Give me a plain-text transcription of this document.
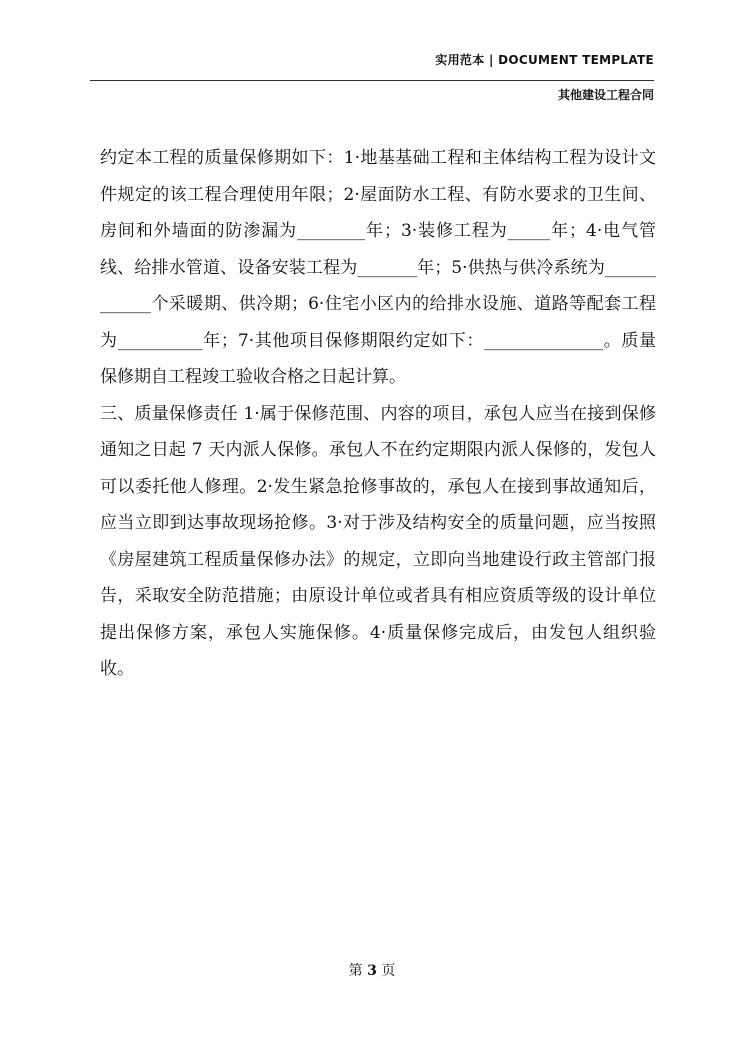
实用范本 | DOCUMENT TEMPLATE
其他建设工程合同

约定本工程的质量保修期如下：1·地基基础工程和主体结构工程为设计文件规定的该工程合理使用年限；2·屋面防水工程、有防水要求的卫生间、房间和外墙面的防渗漏为________年；3·装修工程为_____年；4·电气管线、给排水管道、设备安装工程为_______年；5·供热与供冷系统为____________个采暖期、供冷期；6·住宅小区内的给排水设施、道路等配套工程为__________年；7·其他项目保修期限约定如下：______________。质量保修期自工程竣工验收合格之日起计算。

三、质量保修责任 1·属于保修范围、内容的项目，承包人应当在接到保修通知之日起 7 天内派人保修。承包人不在约定期限内派人保修的，发包人可以委托他人修理。2·发生紧急抢修事故的，承包人在接到事故通知后，应当立即到达事故现场抢修。3·对于涉及结构安全的质量问题，应当按照《房屋建筑工程质量保修办法》的规定，立即向当地建设行政主管部门报告，采取安全防范措施；由原设计单位或者具有相应资质等级的设计单位提出保修方案，承包人实施保修。4·质量保修完成后，由发包人组织验收。

第 3 页
